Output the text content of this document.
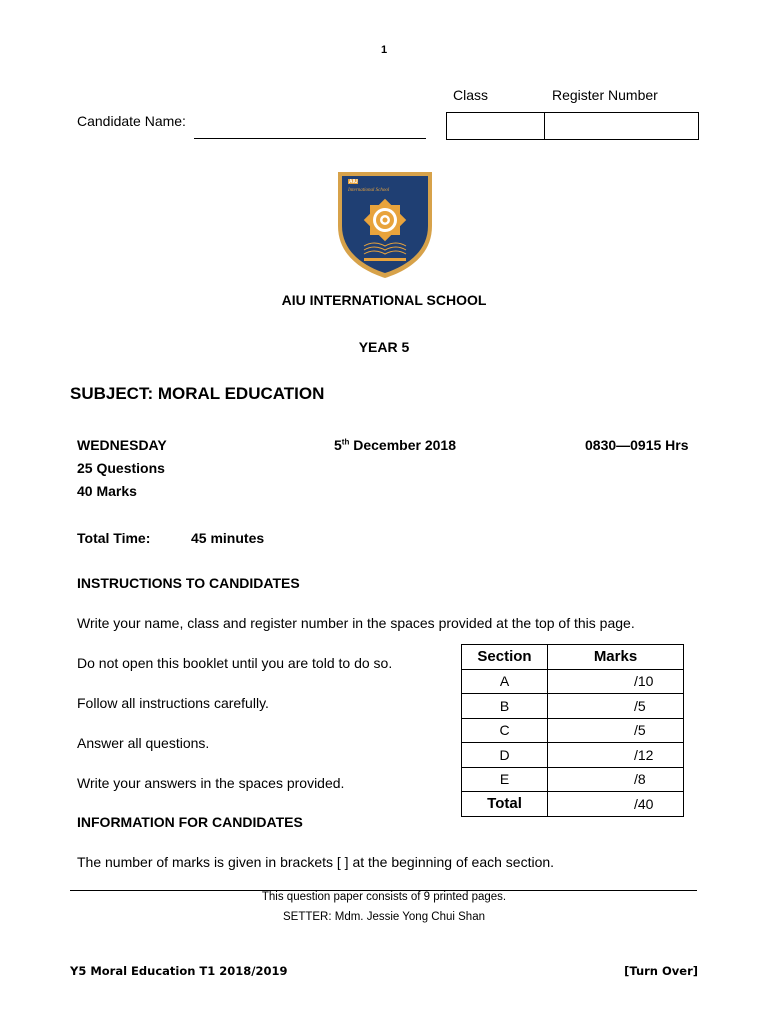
1
Class	Register Number
Candidate Name:
AIU
International School
AIU INTERNATIONAL SCHOOL
YEAR 5
SUBJECT: MORAL EDUCATION
WEDNESDAY	5th December 2018	0830—0915 Hrs
25 Questions
40 Marks
Total Time:	45 minutes
INSTRUCTIONS TO CANDIDATES
Write your name, class and register number in the spaces provided at the top of this page.
Do not open this booklet until you are told to do so.
Follow all instructions carefully.
Answer all questions.
Write your answers in the spaces provided.
INFORMATION FOR CANDIDATES
The number of marks is given in brackets [ ] at the beginning of each section.
Section	Marks
A	/10
B	/5
C	/5
D	/12
E	/8
Total	/40
This question paper consists of 9 printed pages.
SETTER: Mdm. Jessie Yong Chui Shan
Y5 Moral Education T1 2018/2019	[Turn Over]
